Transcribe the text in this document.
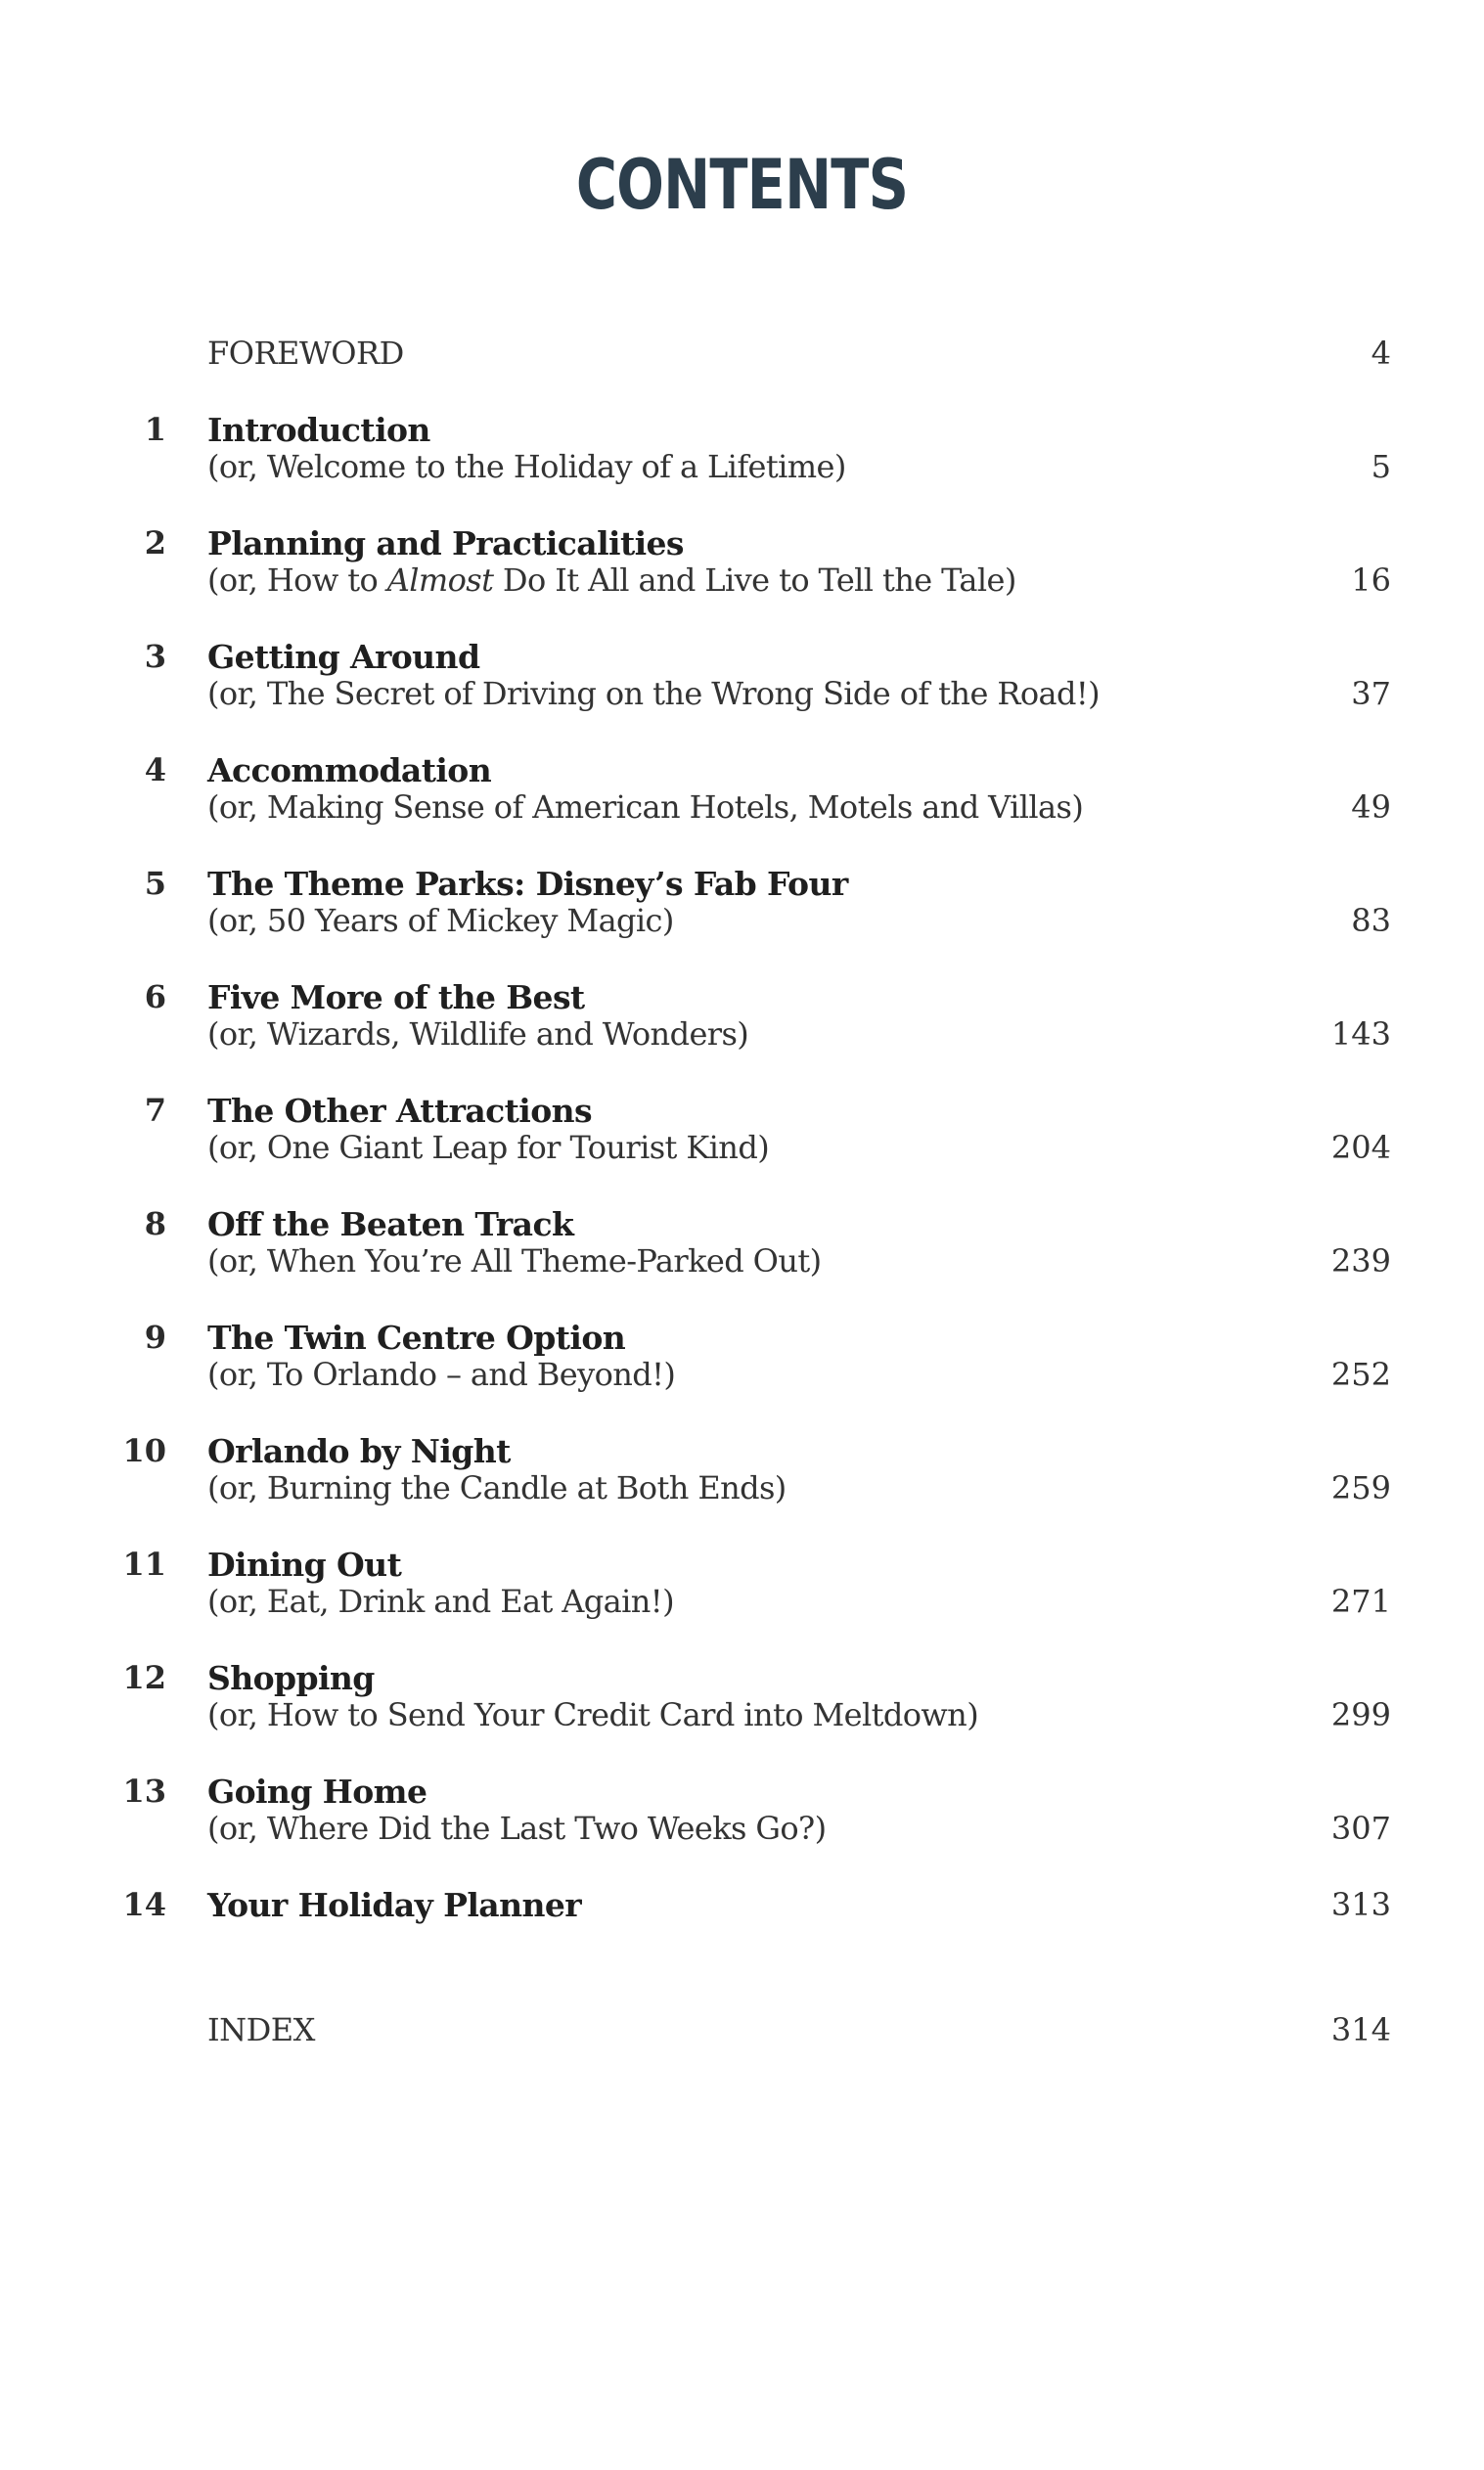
CONTENTS
FOREWORD	4
1 Introduction
(or, Welcome to the Holiday of a Lifetime)	5
2 Planning and Practicalities
(or, How to Almost Do It All and Live to Tell the Tale)	16
3 Getting Around
(or, The Secret of Driving on the Wrong Side of the Road!)	37
4 Accommodation
(or, Making Sense of American Hotels, Motels and Villas)	49
5 The Theme Parks: Disney’s Fab Four
(or, 50 Years of Mickey Magic)	83
6 Five More of the Best
(or, Wizards, Wildlife and Wonders)	143
7 The Other Attractions
(or, One Giant Leap for Tourist Kind)	204
8 Off the Beaten Track
(or, When You’re All Theme-Parked Out)	239
9 The Twin Centre Option
(or, To Orlando – and Beyond!)	252
10 Orlando by Night
(or, Burning the Candle at Both Ends)	259
11 Dining Out
(or, Eat, Drink and Eat Again!)	271
12 Shopping
(or, How to Send Your Credit Card into Meltdown)	299
13 Going Home
(or, Where Did the Last Two Weeks Go?)	307
14 Your Holiday Planner	313
INDEX	314
